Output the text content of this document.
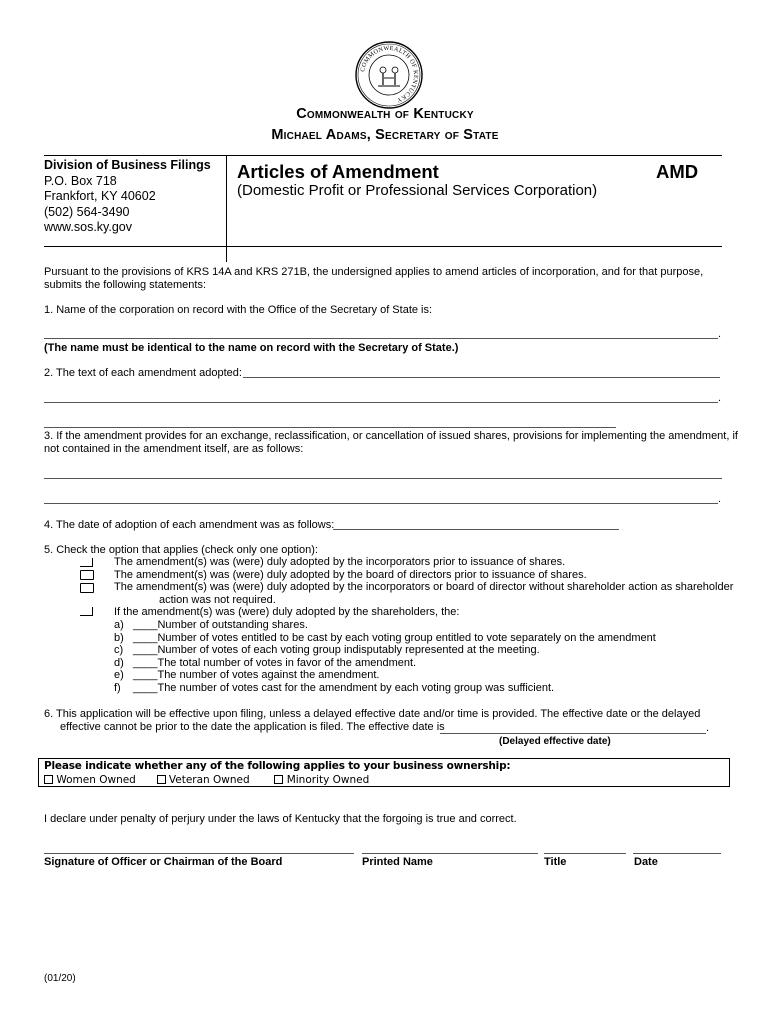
COMMONWEALTH OF KENTUCKY
Commonwealth of Kentucky
Michael Adams, Secretary of State
Division of Business Filings
P.O. Box 718
Frankfort, KY 40602
(502) 564-3490
www.sos.ky.gov
Articles of Amendment	AMD
(Domestic Profit or Professional Services Corporation)
Pursuant to the provisions of KRS 14A and KRS 271B, the undersigned applies to amend articles of incorporation, and for that purpose, submits the following statements:
1. Name of the corporation on record with the Office of the Secretary of State is:
.
(The name must be identical to the name on record with the Secretary of State.)
2. The text of each amendment adopted:
.
3. If the amendment provides for an exchange, reclassification, or cancellation of issued shares, provisions for implementing the amendment, if
not contained in the amendment itself, are as follows:
.
4. The date of adoption of each amendment was as follows:
5. Check the option that applies (check only one option):
The amendment(s) was (were) duly adopted by the incorporators prior to issuance of shares.
The amendment(s) was (were) duly adopted by the board of directors prior to issuance of shares.
The amendment(s) was (were) duly adopted by the incorporators or board of director without shareholder action as shareholder
action was not required.
If the amendment(s) was (were) duly adopted by the shareholders, the:
a) ____Number of outstanding shares.
b) ____Number of votes entitled to be cast by each voting group entitled to vote separately on the amendment
c) ____Number of votes of each voting group indisputably represented at the meeting.
d) ____The total number of votes in favor of the amendment.
e) ____The number of votes against the amendment.
f) ____The number of votes cast for the amendment by each voting group was sufficient.
6. This application will be effective upon filing, unless a delayed effective date and/or time is provided. The effective date or the delayed
effective cannot be prior to the date the application is filed. The effective date is	.
(Delayed effective date)
Please indicate whether any of the following applies to your business ownership:
Women Owned	Veteran Owned	Minority Owned
I declare under penalty of perjury under the laws of Kentucky that the forgoing is true and correct.
Signature of Officer or Chairman of the Board	Printed Name	Title	Date
(01/20)
